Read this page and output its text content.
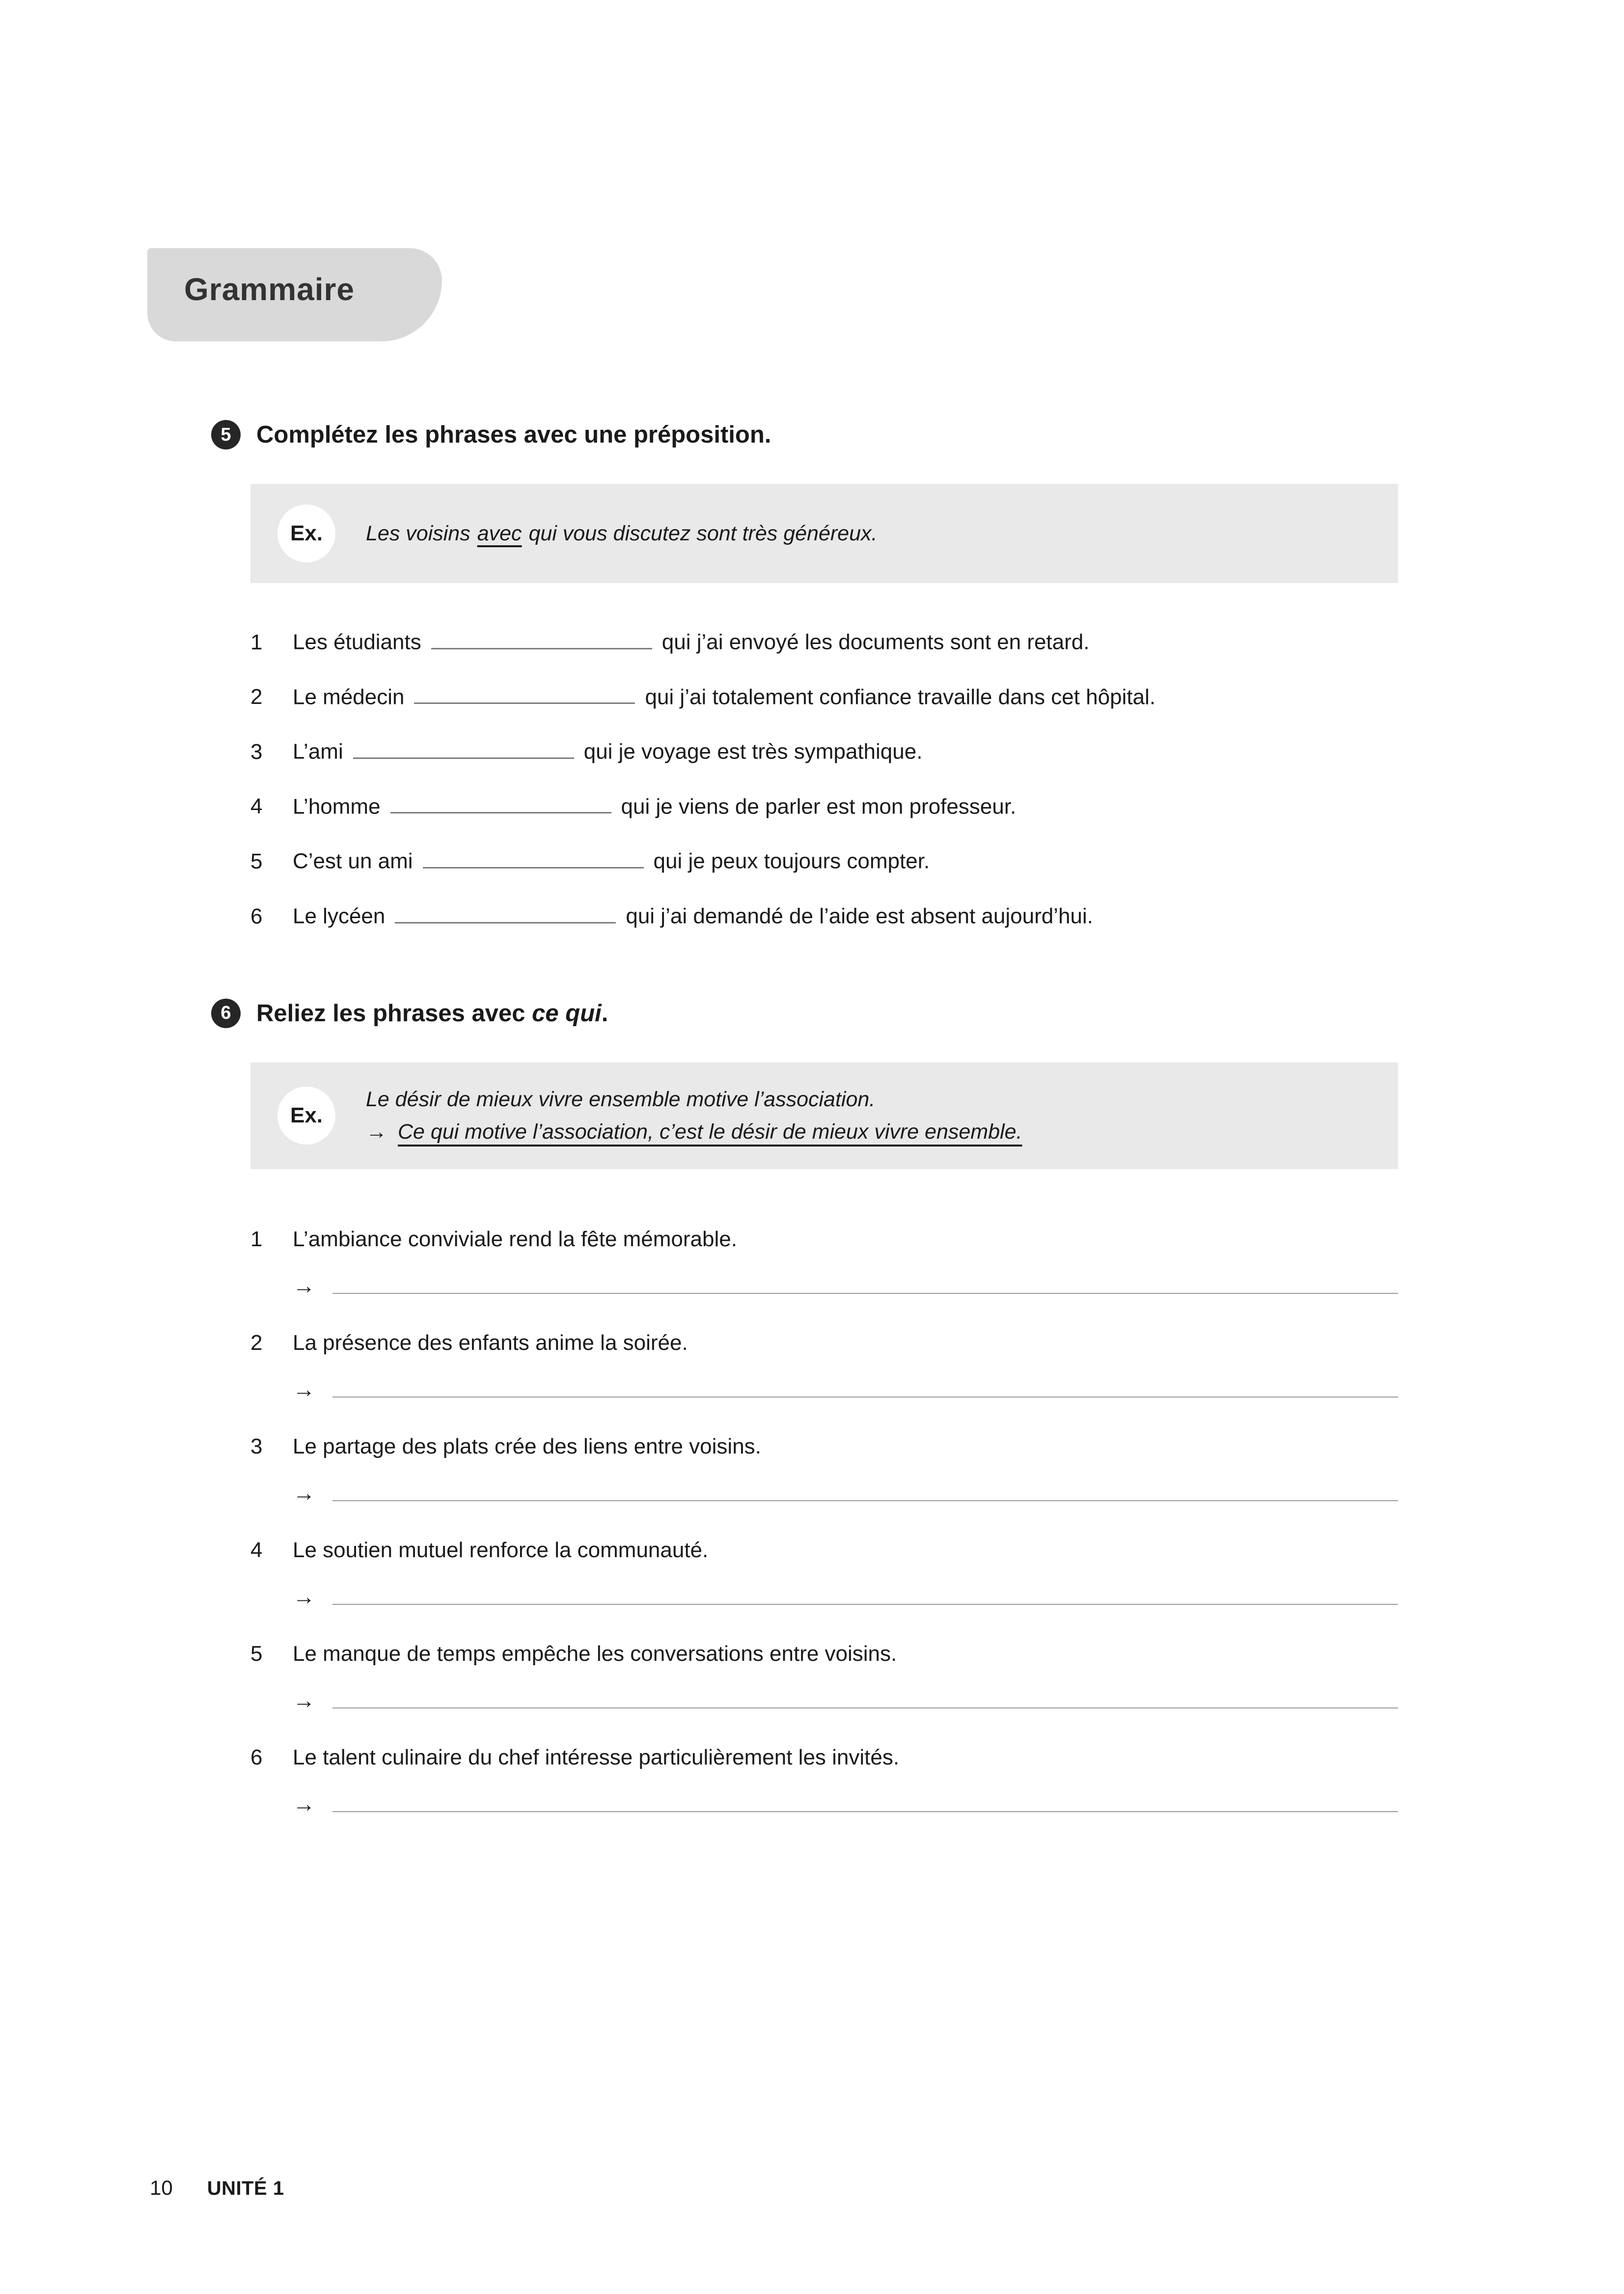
Grammaire
5	Complétez les phrases avec une préposition.
Ex.	Les voisins avec qui vous discutez sont très généreux.
1	Les étudiants	qui j’ai envoyé les documents sont en retard.
2	Le médecin	qui j’ai totalement confiance travaille dans cet hôpital.
3	L’ami	qui je voyage est très sympathique.
4	L’homme	qui je viens de parler est mon professeur.
5	C’est un ami	qui je peux toujours compter.
6	Le lycéen	qui j’ai demandé de l’aide est absent aujourd’hui.
6	Reliez les phrases avec ce qui.
Ex.
Le désir de mieux vivre ensemble motive l’association.
→ Ce qui motive l’association, c’est le désir de mieux vivre ensemble.
1	L’ambiance conviviale rend la fête mémorable.
→
2	La présence des enfants anime la soirée.
→
3	Le partage des plats crée des liens entre voisins.
→
4	Le soutien mutuel renforce la communauté.
→
5	Le manque de temps empêche les conversations entre voisins.
→
6	Le talent culinaire du chef intéresse particulièrement les invités.
→
10 UNITÉ 1
